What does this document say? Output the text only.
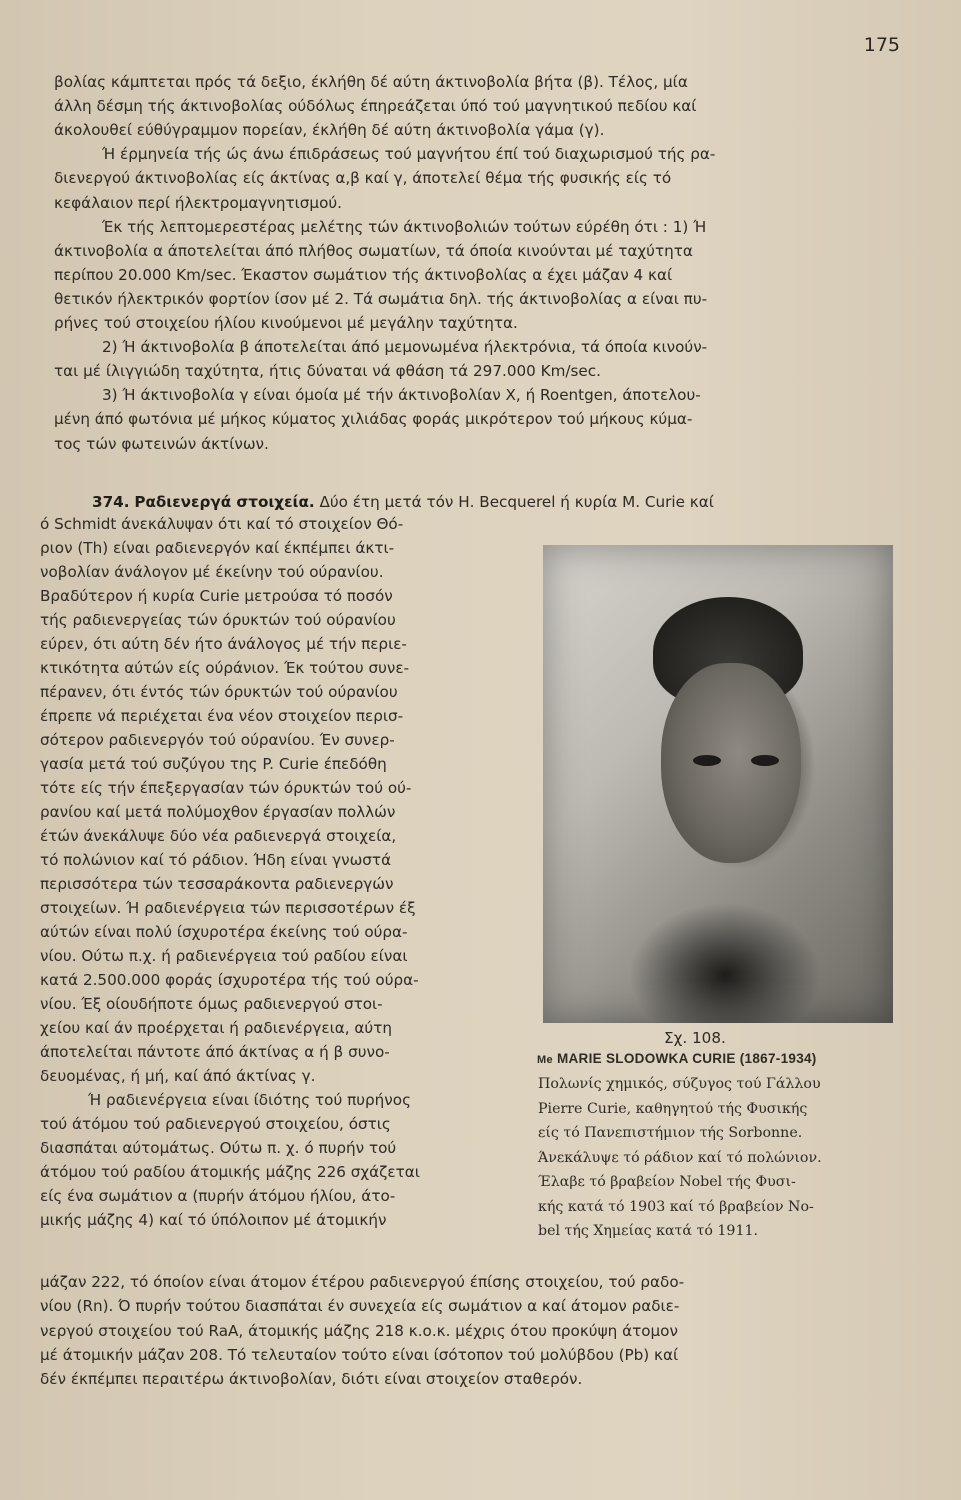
175
βολίας κάμπτεται πρός τά δεξιο, έκλήθη δέ αύτη άκτινοβολία βήτα (β). Τέλος, μία
άλλη δέσμη τής άκτινοβολίας ούδόλως έπηρεάζεται ύπό τού μαγνητικού πεδίου καί
άκολουθεί εύθύγραμμον πορείαν, έκλήθη δέ αύτη άκτινοβολία γάμα (γ).
Ή έρμηνεία τής ώς άνω έπιδράσεως τού μαγνήτου έπί τού διαχωρισμού τής ρα-
διενεργού άκτινοβολίας είς άκτίνας α,β καί γ, άποτελεί θέμα τής φυσικής είς τό
κεφάλαιον περί ήλεκτρομαγνητισμού.
Έκ τής λεπτομερεστέρας μελέτης τών άκτινοβολιών τούτων εύρέθη ότι : 1) Ή
άκτινοβολία α άποτελείται άπό πλήθος σωματίων, τά όποία κινούνται μέ ταχύτητα
περίπου 20.000 Km/sec. Έκαστον σωμάτιον τής άκτινοβολίας α έχει μάζαν 4 καί
θετικόν ήλεκτρικόν φορτίον ίσον μέ 2. Τά σωμάτια δηλ. τής άκτινοβολίας α είναι πυ-
ρήνες τού στοιχείου ήλίου κινούμενοι μέ μεγάλην ταχύτητα.
2) Ή άκτινοβολία β άποτελείται άπό μεμονωμένα ήλεκτρόνια, τά όποία κινούν-
ται μέ ίλιγγιώδη ταχύτητα, ήτις δύναται νά φθάση τά 297.000 Km/sec.
3) Ή άκτινοβολία γ είναι όμοία μέ τήν άκτινοβολίαν Χ, ή Roentgen, άποτελου-
μένη άπό φωτόνια μέ μήκος κύματος χιλιάδας φοράς μικρότερον τού μήκους κύμα-
τος τών φωτεινών άκτίνων.
374. Ραδιενεργά στοιχεία. Δύο έτη μετά τόν Η. Becquerel ή κυρία Μ. Curie καί
ό Schmidt άνεκάλυψαν ότι καί τό στοιχείον Θό-
ριον (Th) είναι ραδιενεργόν καί έκπέμπει άκτι-
νοβολίαν άνάλογον μέ έκείνην τού ούρανίου.
Βραδύτερον ή κυρία Curie μετρούσα τό ποσόν
τής ραδιενεργείας τών όρυκτών τού ούρανίου
εύρεν, ότι αύτη δέν ήτο άνάλογος μέ τήν περιε-
κτικότητα αύτών είς ούράνιον. Έκ τούτου συνε-
πέρανεν, ότι έντός τών όρυκτών τού ούρανίου
έπρεπε νά περιέχεται ένα νέον στοιχείον περισ-
σότερον ραδιενεργόν τού ούρανίου. Έν συνερ-
γασία μετά τού συζύγου της P. Curie έπεδόθη
τότε είς τήν έπεξεργασίαν τών όρυκτών τού ού-
ρανίου καί μετά πολύμοχθον έργασίαν πολλών
έτών άνεκάλυψε δύο νέα ραδιενεργά στοιχεία,
τό πολώνιον καί τό ράδιον. Ήδη είναι γνωστά
περισσότερα τών τεσσαράκοντα ραδιενεργών
στοιχείων. Ή ραδιενέργεια τών περισσοτέρων έξ
αύτών είναι πολύ ίσχυροτέρα έκείνης τού ούρα-
νίου. Ούτω π.χ. ή ραδιενέργεια τού ραδίου είναι
κατά 2.500.000 φοράς ίσχυροτέρα τής τού ούρα-
νίου. Έξ οίουδήποτε όμως ραδιενεργού στοι-
χείου καί άν προέρχεται ή ραδιενέργεια, αύτη
άποτελείται πάντοτε άπό άκτίνας α ή β συνο-
δευομένας, ή μή, καί άπό άκτίνας γ.
Ή ραδιενέργεια είναι ίδιότης τού πυρήνος
τού άτόμου τού ραδιενεργού στοιχείου, όστις
διασπάται αύτομάτως. Ούτω π. χ. ό πυρήν τού
άτόμου τού ραδίου άτομικής μάζης 226 σχάζεται
είς ένα σωμάτιον α (πυρήν άτόμου ήλίου, άτο-
μικής μάζης 4) καί τό ύπόλοιπον μέ άτομικήν
Σχ. 108.
Me MARIE SLODOWKA CURIE (1867-1934)
Πολωνίς χημικός, σύζυγος τού Γάλλου
Pierre Curie, καθηγητού τής Φυσικής
είς τό Πανεπιστήμιον τής Sorbonne.
Άνεκάλυψε τό ράδιον καί τό πολώνιον.
Έλαβε τό βραβείον Nobel τής Φυσι-
κής κατά τό 1903 καί τό βραβείον Νο-
bel τής Χημείας κατά τό 1911.
μάζαν 222, τό όποίον είναι άτομον έτέρου ραδιενεργού έπίσης στοιχείου, τού ραδο-
νίου (Rn). Ό πυρήν τούτου διασπάται έν συνεχεία είς σωμάτιον α καί άτομον ραδιε-
νεργού στοιχείου τού RaA, άτομικής μάζης 218 κ.ο.κ. μέχρις ότου προκύψη άτομον
μέ άτομικήν μάζαν 208. Τό τελευταίον τούτο είναι ίσότοπον τού μολύβδου (Pb) καί
δέν έκπέμπει περαιτέρω άκτινοβολίαν, διότι είναι στοιχείον σταθερόν.
